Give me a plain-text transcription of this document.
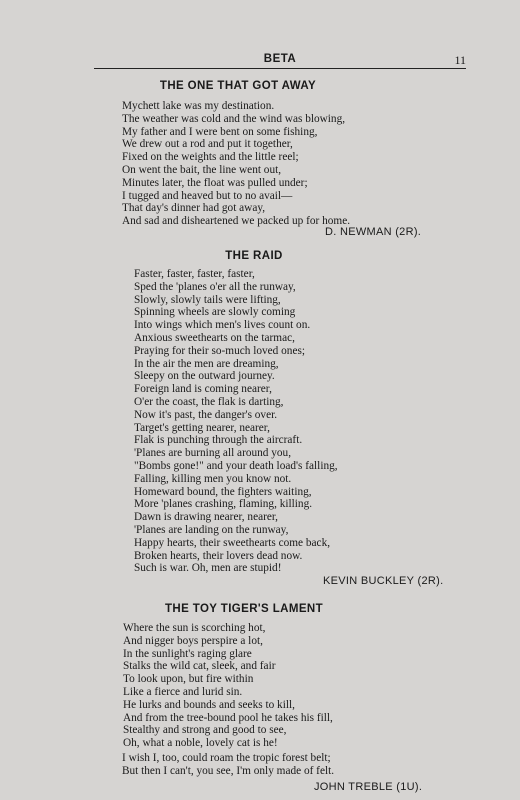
BETA	11
THE ONE THAT GOT AWAY
Mychett lake was my destination.
The weather was cold and the wind was blowing,
My father and I were bent on some fishing,
We drew out a rod and put it together,
Fixed on the weights and the little reel;
On went the bait, the line went out,
Minutes later, the float was pulled under;
I tugged and heaved but to no avail—
That day's dinner had got away,
And sad and disheartened we packed up for home.
D. NEWMAN (2R).
THE RAID
Faster, faster, faster, faster,
Sped the 'planes o'er all the runway,
Slowly, slowly tails were lifting,
Spinning wheels are slowly coming
Into wings which men's lives count on.
Anxious sweethearts on the tarmac,
Praying for their so-much loved ones;
In the air the men are dreaming,
Sleepy on the outward journey.
Foreign land is coming nearer,
O'er the coast, the flak is darting,
Now it's past, the danger's over.
Target's getting nearer, nearer,
Flak is punching through the aircraft.
'Planes are burning all around you,
"Bombs gone!" and your death load's falling,
Falling, killing men you know not.
Homeward bound, the fighters waiting,
More 'planes crashing, flaming, killing.
Dawn is drawing nearer, nearer,
'Planes are landing on the runway,
Happy hearts, their sweethearts come back,
Broken hearts, their lovers dead now.
Such is war. Oh, men are stupid!
KEVIN BUCKLEY (2R).
THE TOY TIGER'S LAMENT
Where the sun is scorching hot,
And nigger boys perspire a lot,
In the sunlight's raging glare
Stalks the wild cat, sleek, and fair
To look upon, but fire within
Like a fierce and lurid sin.
He lurks and bounds and seeks to kill,
And from the tree-bound pool he takes his fill,
Stealthy and strong and good to see,
Oh, what a noble, lovely cat is he!
I wish I, too, could roam the tropic forest belt;
But then I can't, you see, I'm only made of felt.
JOHN TREBLE (1U).
